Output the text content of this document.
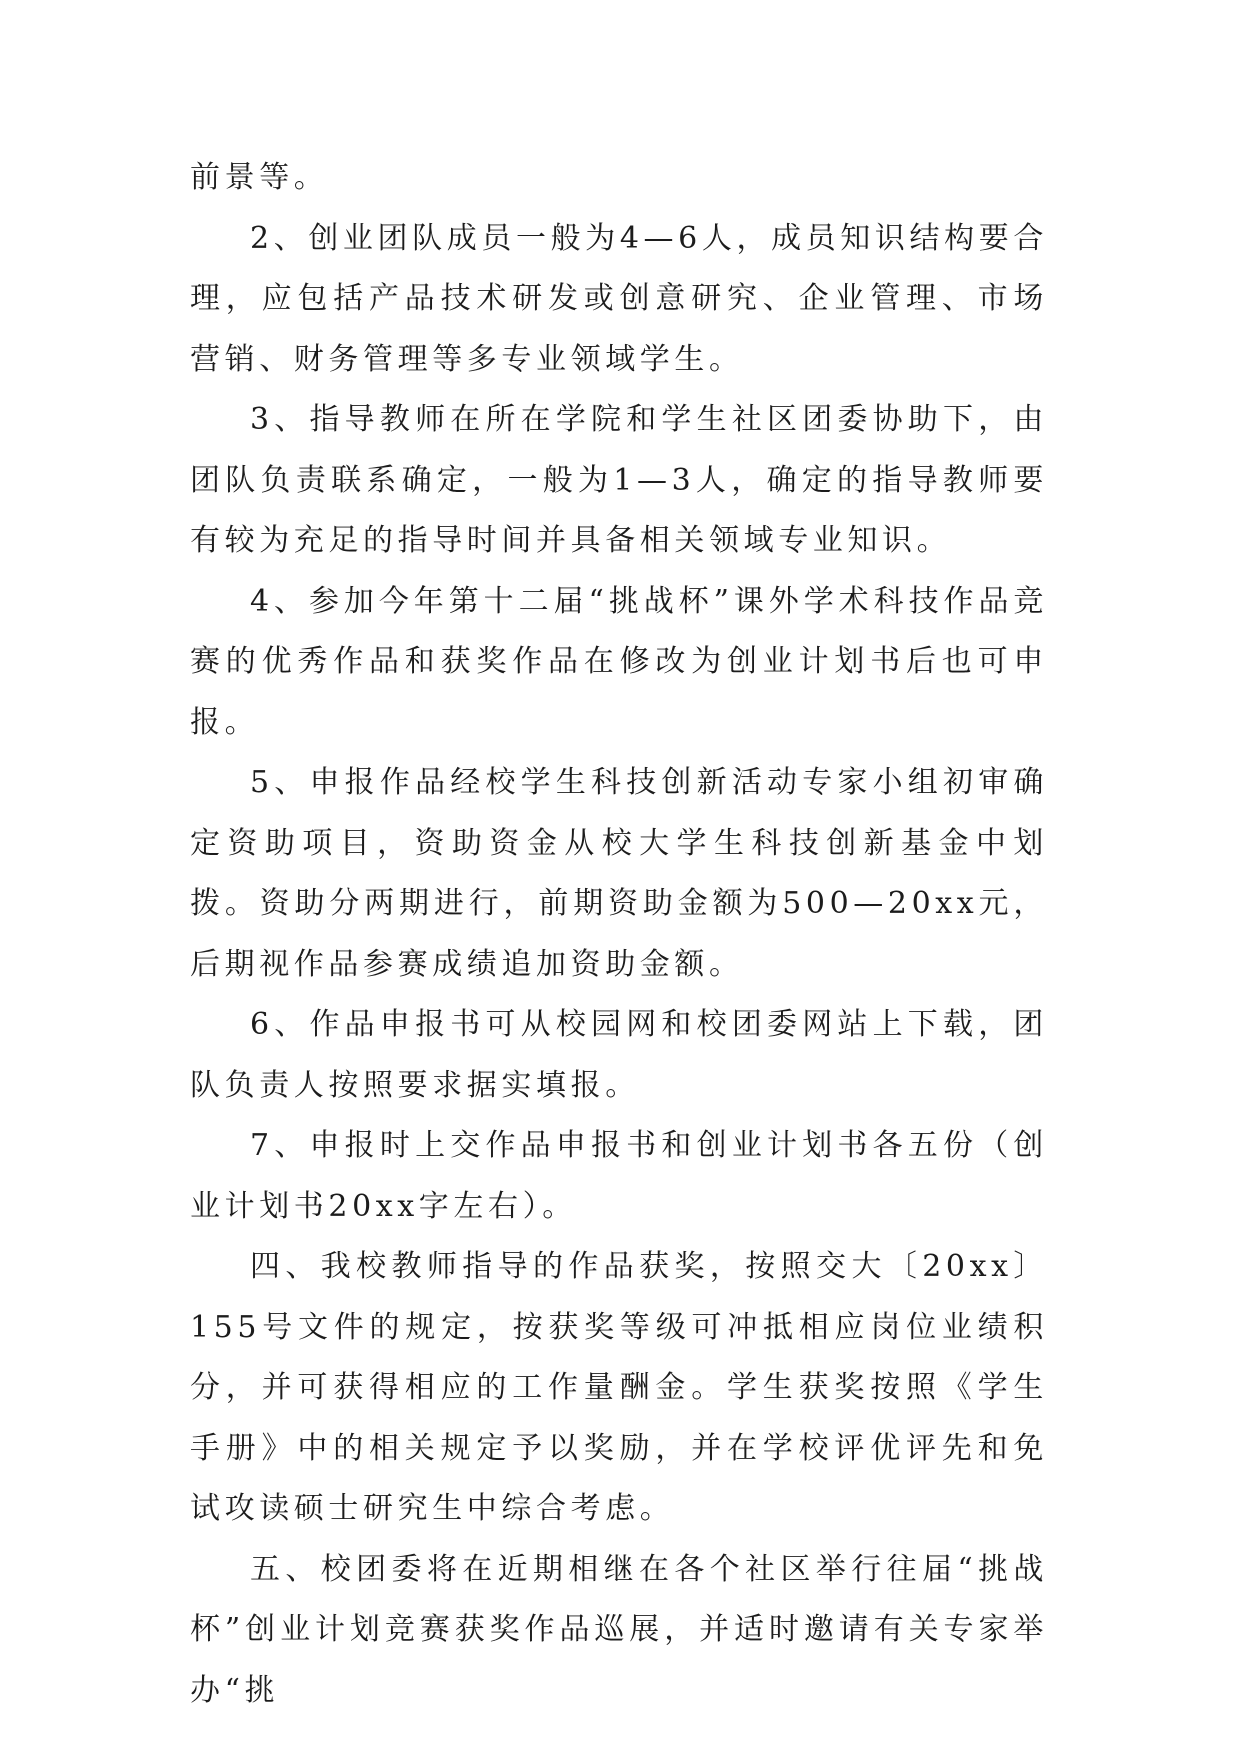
前景等。

2、创业团队成员一般为4—6人，成员知识结构要合理，应包括产品技术研发或创意研究、企业管理、市场营销、财务管理等多专业领域学生。

3、指导教师在所在学院和学生社区团委协助下，由团队负责联系确定，一般为1—3人，确定的指导教师要有较为充足的指导时间并具备相关领域专业知识。

4、参加今年第十二届“挑战杯”课外学术科技作品竞赛的优秀作品和获奖作品在修改为创业计划书后也可申报。

5、申报作品经校学生科技创新活动专家小组初审确定资助项目，资助资金从校大学生科技创新基金中划拨。资助分两期进行，前期资助金额为500—20xx元，后期视作品参赛成绩追加资助金额。

6、作品申报书可从校园网和校团委网站上下载，团队负责人按照要求据实填报。

7、申报时上交作品申报书和创业计划书各五份（创业计划书20xx字左右）。

四、我校教师指导的作品获奖，按照交大〔20xx〕155号文件的规定，按获奖等级可冲抵相应岗位业绩积分，并可获得相应的工作量酬金。学生获奖按照《学生手册》中的相关规定予以奖励，并在学校评优评先和免试攻读硕士研究生中综合考虑。

五、校团委将在近期相继在各个社区举行往届“挑战杯”创业计划竞赛获奖作品巡展，并适时邀请有关专家举办“挑
